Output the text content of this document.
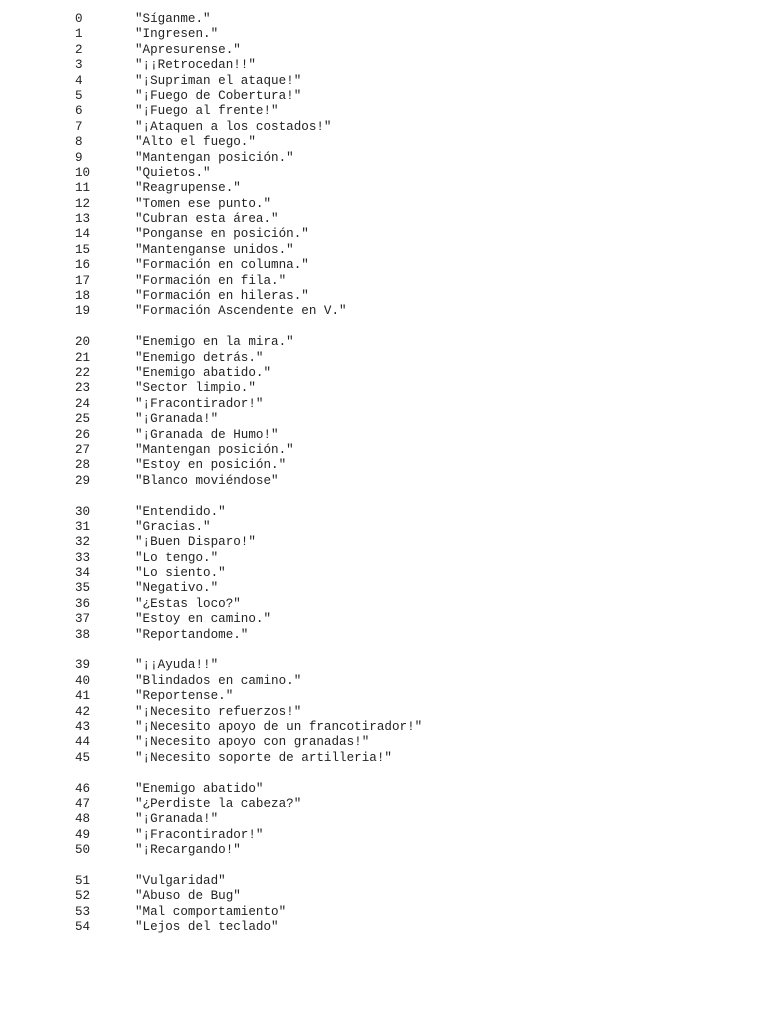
0	"Síganme."
1	"Ingresen."
2	"Apresurense."
3	"¡¡Retrocedan!!"
4	"¡Supriman el ataque!"
5	"¡Fuego de Cobertura!"
6	"¡Fuego al frente!"
7	"¡Ataquen a los costados!"
8	"Alto el fuego."
9	"Mantengan posición."
10	"Quietos."
11	"Reagrupense."
12	"Tomen ese punto."
13	"Cubran esta área."
14	"Ponganse en posición."
15	"Mantenganse unidos."
16	"Formación en columna."
17	"Formación en fila."
18	"Formación en hileras."
19	"Formación Ascendente en V."
20	"Enemigo en la mira."
21	"Enemigo detrás."
22	"Enemigo abatido."
23	"Sector limpio."
24	"¡Fracontirador!"
25	"¡Granada!"
26	"¡Granada de Humo!"
27	"Mantengan posición."
28	"Estoy en posición."
29	"Blanco moviéndose"
30	"Entendido."
31	"Gracias."
32	"¡Buen Disparo!"
33	"Lo tengo."
34	"Lo siento."
35	"Negativo."
36	"¿Estas loco?"
37	"Estoy en camino."
38	"Reportandome."
39	"¡¡Ayuda!!"
40	"Blindados en camino."
41	"Reportense."
42	"¡Necesito refuerzos!"
43	"¡Necesito apoyo de un francotirador!"
44	"¡Necesito apoyo con granadas!"
45	"¡Necesito soporte de artilleria!"
46	"Enemigo abatido"
47	"¿Perdiste la cabeza?"
48	"¡Granada!"
49	"¡Fracontirador!"
50	"¡Recargando!"
51	"Vulgaridad"
52	"Abuso de Bug"
53	"Mal comportamiento"
54	"Lejos del teclado"
